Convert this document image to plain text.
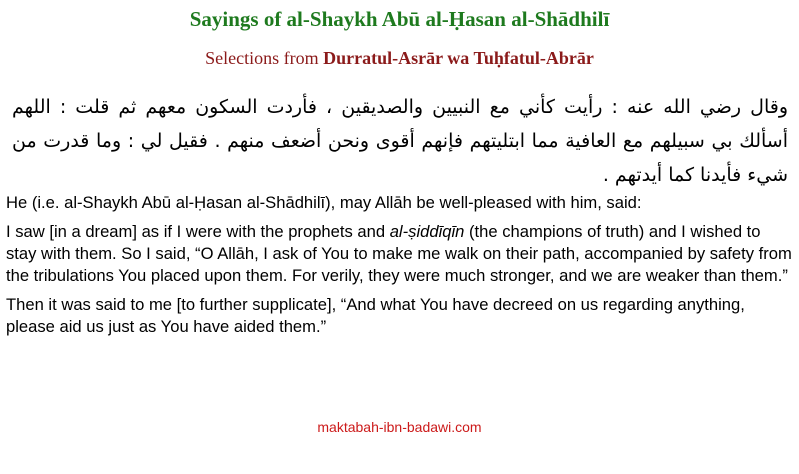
Sayings of al-Shaykh Abū al-Ḥasan al-Shādhilī
Selections from Durratul-Asrār wa Tuḥfatul-Abrār
وقال رضي الله عنه : رأيت كأني مع النبيين والصديقين ، فأردت السكون معهم ثم قلت : اللهم أسألك بي سبيلهم مع العافية مما ابتليتهم فإنهم أقوى ونحن أضعف منهم . فقيل لي : وما قدرت من شيء فأيدنا كما أيدتهم .

He (i.e. al-Shaykh Abū al-Ḥasan al-Shādhilī), may Allāh be well-pleased with him, said:

I saw [in a dream] as if I were with the prophets and al-ṣiddīqīn (the champions of truth) and I wished to stay with them. So I said, “O Allāh, I ask of You to make me walk on their path, accompanied by safety from the tribulations You placed upon them. For verily, they were much stronger, and we are weaker than them.”

Then it was said to me [to further supplicate], “And what You have decreed on us regarding anything, please aid us just as You have aided them.”

maktabah-ibn-badawi.com
